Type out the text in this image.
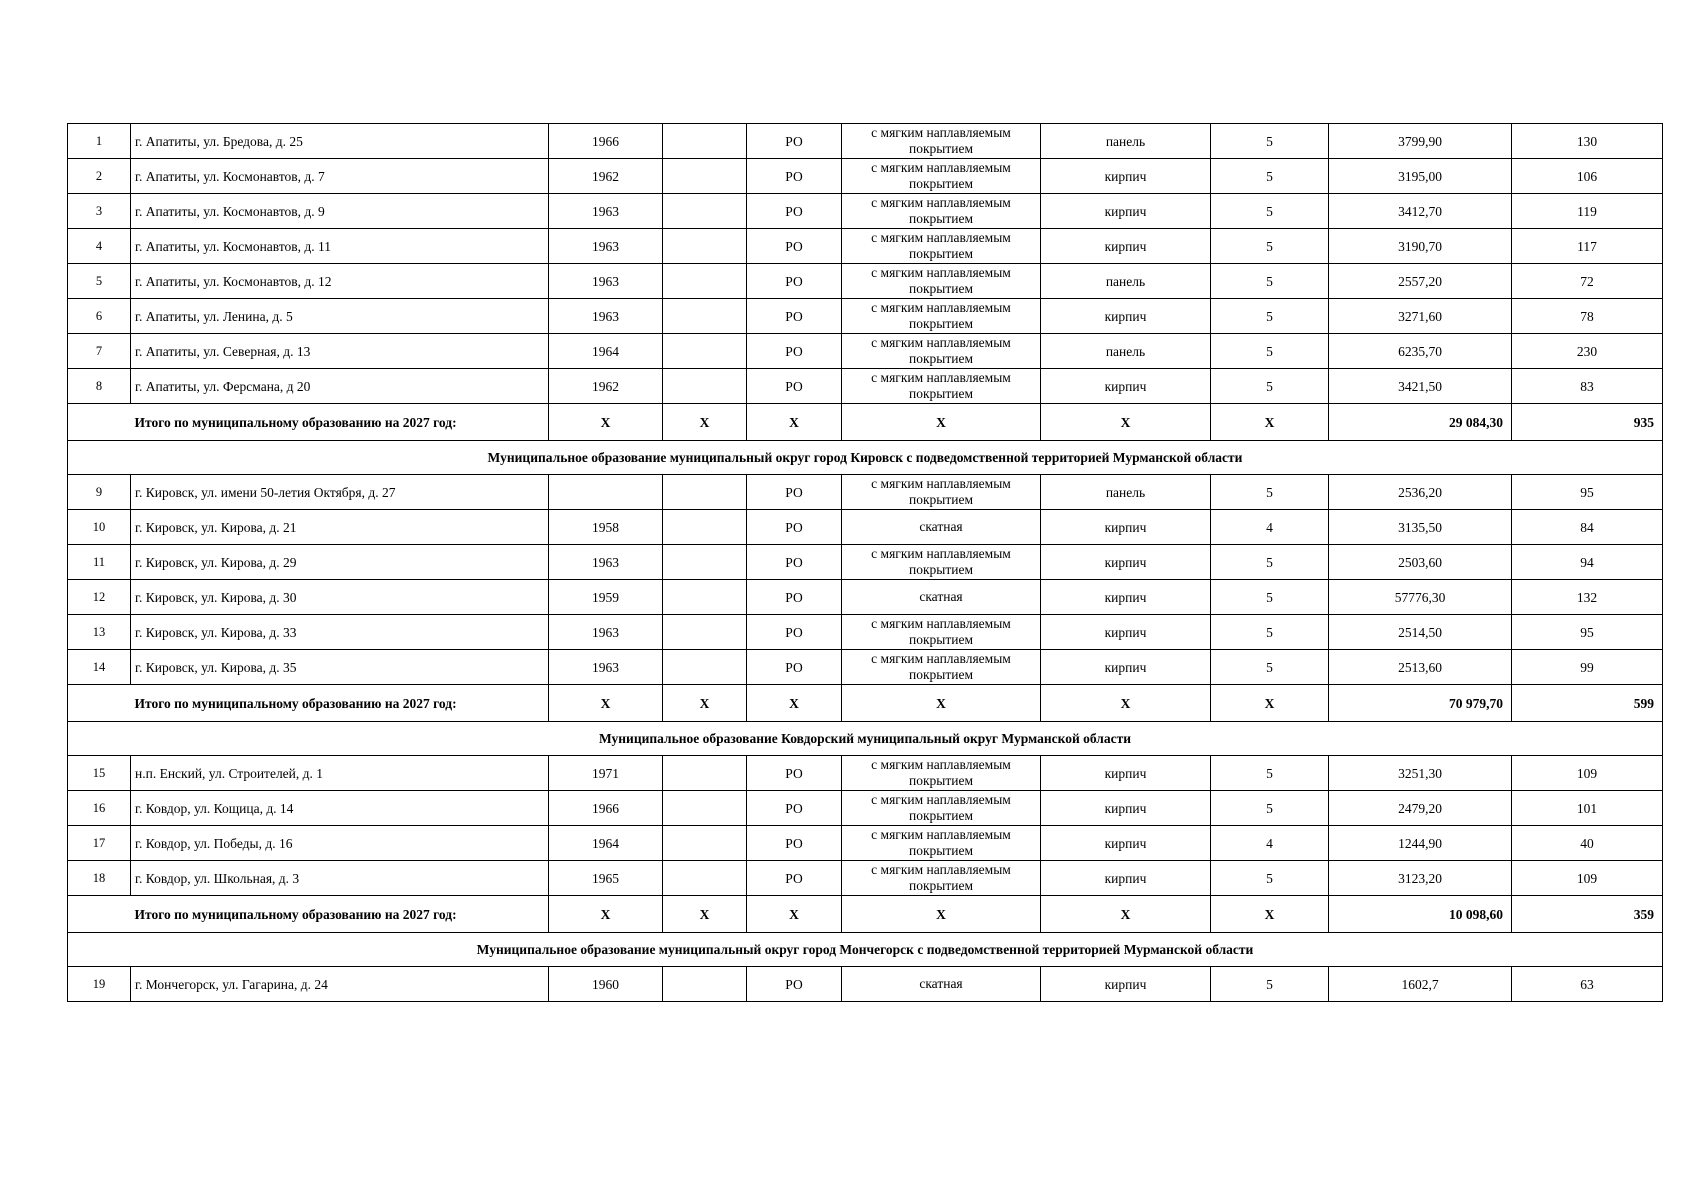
1	г. Апатиты, ул. Бредова, д. 25	1966		РО	с мягким наплавляемым покрытием	панель	5	3799,90	130
2	г. Апатиты, ул. Космонавтов, д. 7	1962		РО	с мягким наплавляемым покрытием	кирпич	5	3195,00	106
3	г. Апатиты, ул. Космонавтов, д. 9	1963		РО	с мягким наплавляемым покрытием	кирпич	5	3412,70	119
4	г. Апатиты, ул. Космонавтов, д. 11	1963		РО	с мягким наплавляемым покрытием	кирпич	5	3190,70	117
5	г. Апатиты, ул. Космонавтов, д. 12	1963		РО	с мягким наплавляемым покрытием	панель	5	2557,20	72
6	г. Апатиты, ул. Ленина, д. 5	1963		РО	с мягким наплавляемым покрытием	кирпич	5	3271,60	78
7	г. Апатиты, ул. Северная, д. 13	1964		РО	с мягким наплавляемым покрытием	панель	5	6235,70	230
8	г. Апатиты, ул. Ферсмана, д 20	1962		РО	с мягким наплавляемым покрытием	кирпич	5	3421,50	83
	Итого по муниципальному образованию на 2027 год:	X	X	X	X	X	X	29 084,30	935
Муниципальное образование муниципальный округ город Кировск с подведомственной территорией Мурманской области									
9	г. Кировск, ул. имени 50-летия Октября, д. 27			РО	с мягким наплавляемым покрытием	панель	5	2536,20	95
10	г. Кировск, ул. Кирова, д. 21	1958		РО	скатная	кирпич	4	3135,50	84
11	г. Кировск, ул. Кирова, д. 29	1963		РО	с мягким наплавляемым покрытием	кирпич	5	2503,60	94
12	г. Кировск, ул. Кирова, д. 30	1959		РО	скатная	кирпич	5	57776,30	132
13	г. Кировск, ул. Кирова, д. 33	1963		РО	с мягким наплавляемым покрытием	кирпич	5	2514,50	95
14	г. Кировск, ул. Кирова, д. 35	1963		РО	с мягким наплавляемым покрытием	кирпич	5	2513,60	99
	Итого по муниципальному образованию на 2027 год:	X	X	X	X	X	X	70 979,70	599
Муниципальное образование Ковдорский муниципальный округ Мурманской области									
15	н.п. Енский, ул. Строителей, д. 1	1971		РО	с мягким наплавляемым покрытием	кирпич	5	3251,30	109
16	г. Ковдор, ул. Кощица, д. 14	1966		РО	с мягким наплавляемым покрытием	кирпич	5	2479,20	101
17	г. Ковдор, ул. Победы, д. 16	1964		РО	с мягким наплавляемым покрытием	кирпич	4	1244,90	40
18	г. Ковдор, ул. Школьная, д. 3	1965		РО	с мягким наплавляемым покрытием	кирпич	5	3123,20	109
	Итого по муниципальному образованию на 2027 год:	X	X	X	X	X	X	10 098,60	359
Муниципальное образование муниципальный округ город Мончегорск с подведомственной территорией Мурманской области									
19	г. Мончегорск, ул. Гагарина, д. 24	1960		РО	скатная	кирпич	5	1602,7	63
